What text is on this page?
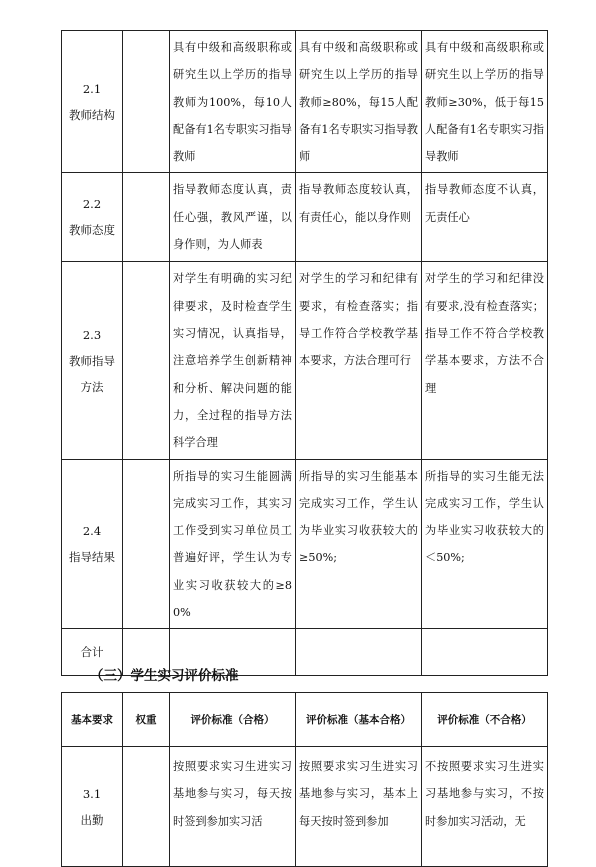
2.1
教师结构		具有中级和高级职称或研究生以上学历的指导教师为100%，每10人配备有1名专职实习指导教师	具有中级和高级职称或研究生以上学历的指导教师≥80%，每15人配备有1名专职实习指导教师	具有中级和高级职称或研究生以上学历的指导教师≥30%，低于每15人配备有1名专职实习指导教师

2.2
教师态度		指导教师态度认真，责任心强，教风严谨，以身作则，为人师表	指导教师态度较认真，有责任心，能以身作则	指导教师态度不认真，无责任心

2.3
教师指导方法		对学生有明确的实习纪律要求，及时检查学生实习情况，认真指导，注意培养学生创新精神和分析、解决问题的能力，全过程的指导方法科学合理	对学生的学习和纪律有要求，有检查落实；指导工作符合学校教学基本要求，方法合理可行	对学生的学习和纪律没有要求,没有检查落实；指导工作不符合学校教学基本要求，方法不合理

2.4
指导结果		所指导的实习生能圆满完成实习工作，其实习工作受到实习单位员工普遍好评，学生认为专业实习收获较大的≥80%	所指导的实习生能基本完成实习工作，学生认为毕业实习收获较大的≥50%;	所指导的实习生能无法完成实习工作，学生认为毕业实习收获较大的＜50%;
合计				
（三）学生实习评价标准
基本要求	权重	评价标准（合格）	评价标准（基本合格）	评价标准（不合格）

3.1
出勤		按照要求实习生进实习基地参与实习，每天按时签到参加实习活	按照要求实习生进实习基地参与实习，基本上每天按时签到参加	不按照要求实习生进实习基地参与实习，不按时参加实习活动，无
